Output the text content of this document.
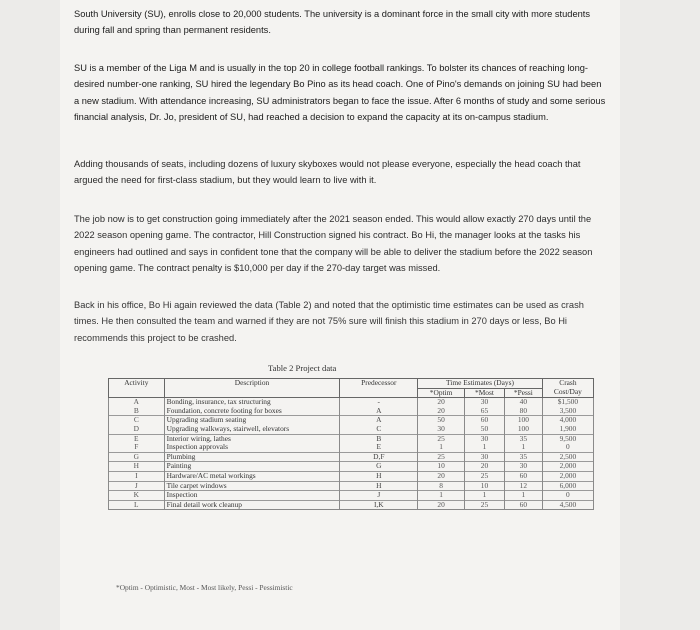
South University (SU), enrolls close to 20,000 students. The university is a dominant force in the small city with more students during fall and spring than permanent residents.

SU is a member of the Liga M and is usually in the top 20 in college football rankings. To bolster its chances of reaching long-desired number-one ranking, SU hired the legendary Bo Pino as its head coach. One of Pino's demands on joining SU had been a new stadium. With attendance increasing, SU administrators began to face the issue. After 6 months of study and some serious financial analysis, Dr. Jo, president of SU, had reached a decision to expand the capacity at its on-campus stadium.

Adding thousands of seats, including dozens of luxury skyboxes would not please everyone, especially the head coach that argued the need for first-class stadium, but they would learn to live with it.

The job now is to get construction going immediately after the 2021 season ended. This would allow exactly 270 days until the 2022 season opening game. The contractor, Hill Construction signed his contract. Bo Hi, the manager looks at the tasks his engineers had outlined and says in confident tone that the company will be able to deliver the stadium before the 2022 season opening game. The contract penalty is $10,000 per day if the 270-day target was missed.

Back in his office, Bo Hi again reviewed the data (Table 2) and noted that the optimistic time estimates can be used as crash times. He then consulted the team and warned if they are not 75% sure will finish this stadium in 270 days or less, Bo Hi recommends this project to be crashed.

Table 2 Project data
Activity	Description	Predecessor	Time Estimates (Days)			Crash Cost/Day
			*Optim	*Most	*Pessi	
A	Bonding, insurance, tax structuring	-	20	30	40	$1,500
B	Foundation, concrete footing for boxes	A	20	65	80	3,500
C	Upgrading stadium seating	A	50	60	100	4,000
D	Upgrading walkways, stairwell, elevators	C	30	50	100	1,900
E	Interior wiring, lathes	B	25	30	35	9,500
F	Inspection approvals	E	1	1	1	0
G	Plumbing	D,F	25	30	35	2,500
H	Painting	G	10	20	30	2,000
I	Hardware/AC metal workings	H	20	25	60	2,000
J	Tile carpet windows	H	8	10	12	6,000
K	Inspection	J	1	1	1	0
L	Final detail work cleanup	I,K	20	25	60	4,500
*Optim - Optimistic, Most - Most likely, Pessi - Pessimistic
